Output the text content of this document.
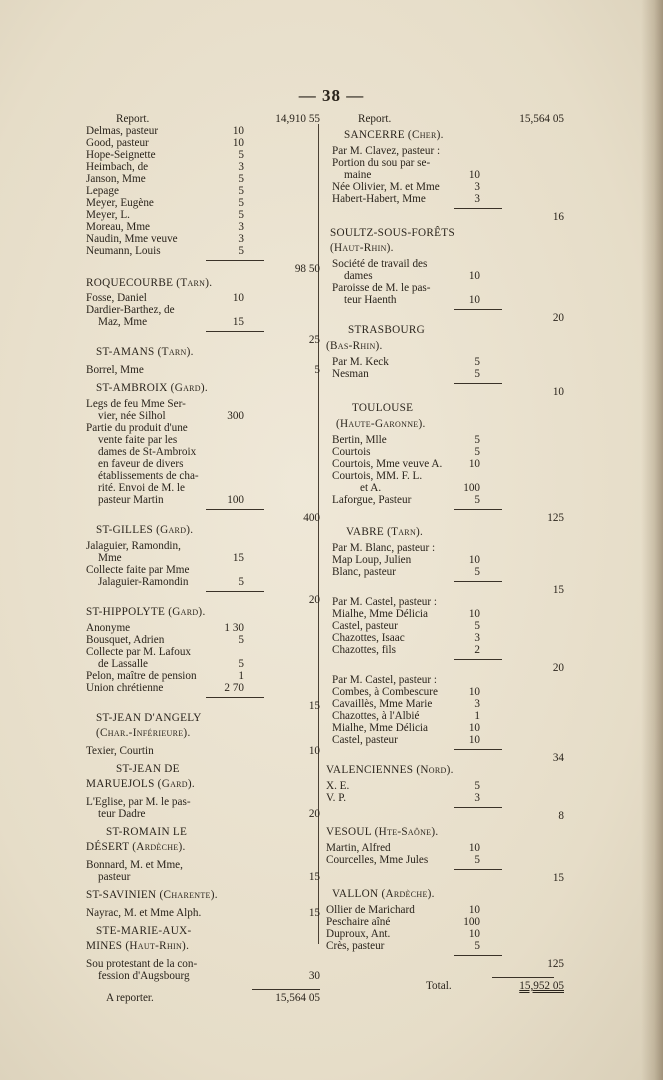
— 38 —
Report.	14,910 55
Delmas, pasteur	10
Good, pasteur	10
Hope-Seignette	5
Heimbach, de	3
Janson, Mme	5
Lepage	5
Meyer, Eugène	5
Meyer, L.	5
Moreau, Mme	3
Naudin, Mme veuve	3
Neumann, Louis	5
98 50
ROQUECOURBE (Tarn).
Fosse, Daniel	10
Dardier-Barthez, de
Maz, Mme	15
25
ST-AMANS (Tarn).
Borrel, Mme	5
ST-AMBROIX (Gard).
Legs de feu Mme Ser-
vier, née Silhol	300
Partie du produit d'une
vente faite par les
dames de St-Ambroix
en faveur de divers
établissements de cha-
rité. Envoi de M. le
pasteur Martin	100
400
ST-GILLES (Gard).
Jalaguier, Ramondin,
Mme	15
Collecte faite par Mme
Jalaguier-Ramondin	5
20
ST-HIPPOLYTE (Gard).
Anonyme	1 30
Bousquet, Adrien	5
Collecte par M. Lafoux
de Lassalle	5
Pelon, maître de pension	1
Union chrétienne	2 70
15
ST-JEAN D'ANGELY
(Char.-Inférieure).
Texier, Courtin	10
ST-JEAN DE
MARUEJOLS (Gard).
L'Eglise, par M. le pas-
teur Dadre	20
ST-ROMAIN LE
DÉSERT (Ardèche).
Bonnard, M. et Mme,
pasteur	15
ST-SAVINIEN (Charente).
Nayrac, M. et Mme Alph.	15
STE-MARIE-AUX-
MINES (Haut-Rhin).
Sou protestant de la con-
fession d'Augsbourg	30
A reporter.	15,564 05
Report.	15,564 05
SANCERRE (Cher).
Par M. Clavez, pasteur :
Portion du sou par se-
maine	10
Née Olivier, M. et Mme	3
Habert-Habert, Mme	3
16
SOULTZ-SOUS-FORÊTS
(Haut-Rhin).
Société de travail des
dames	10
Paroisse de M. le pas-
teur Haenth	10
20
STRASBOURG
(Bas-Rhin).
Par M. Keck	5
Nesman	5
10
TOULOUSE
(Haute-Garonne).
Bertin, Mlle	5
Courtois	5
Courtois, Mme veuve A.	10
Courtois, MM. F. L.
et A.	100
Laforgue, Pasteur	5
125
VABRE (Tarn).
Par M. Blanc, pasteur :
Map Loup, Julien	10
Blanc, pasteur	5
15
Par M. Castel, pasteur :
Mialhe, Mme Délicia	10
Castel, pasteur	5
Chazottes, Isaac	3
Chazottes, fils	2
20
Par M. Castel, pasteur :
Combes, à Combescure	10
Cavaillès, Mme Marie	3
Chazottes, à l'Albié	1
Mialhe, Mme Délicia	10
Castel, pasteur	10
34
VALENCIENNES (Nord).
X. E.	5
V. P.	3
8
VESOUL (Hte-Saône).
Martin, Alfred	10
Courcelles, Mme Jules	5
15
VALLON (Ardèche).
Ollier de Marichard	10
Peschaire aîné	100
Duproux, Ant.	10
Crès, pasteur	5
125
Total.	15,952 05
